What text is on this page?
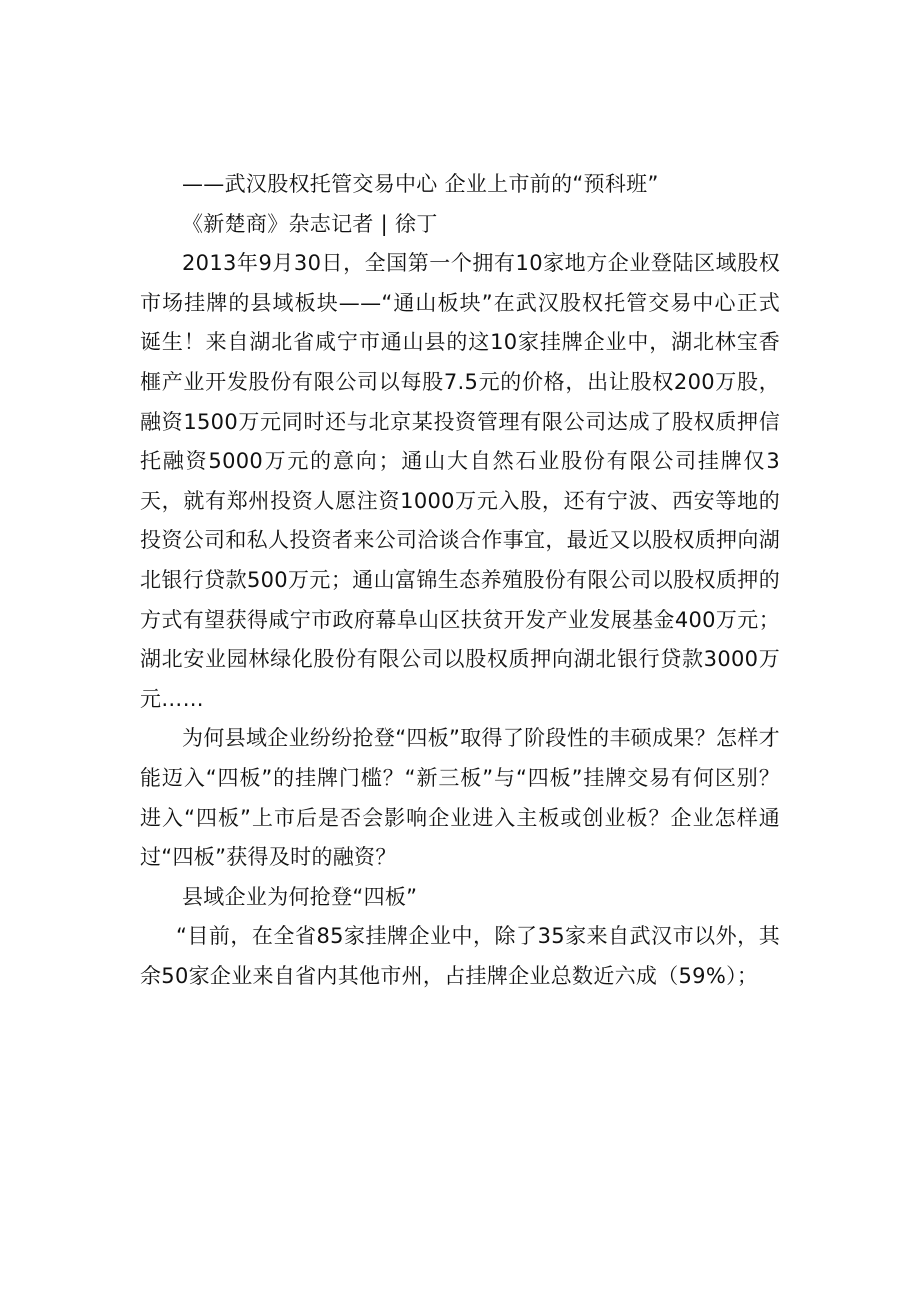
——武汉股权托管交易中心 企业上市前的“预科班”

《新楚商》杂志记者 | 徐丁

2013年9月30日，全国第一个拥有10家地方企业登陆区域股权市场挂牌的县域板块——“通山板块”在武汉股权托管交易中心正式诞生！来自湖北省咸宁市通山县的这10家挂牌企业中，湖北林宝香榧产业开发股份有限公司以每股7.5元的价格，出让股权200万股，融资1500万元同时还与北京某投资管理有限公司达成了股权质押信托融资5000万元的意向；通山大自然石业股份有限公司挂牌仅3天，就有郑州投资人愿注资1000万元入股，还有宁波、西安等地的投资公司和私人投资者来公司洽谈合作事宜，最近又以股权质押向湖北银行贷款500万元；通山富锦生态养殖股份有限公司以股权质押的方式有望获得咸宁市政府幕阜山区扶贫开发产业发展基金400万元；湖北安业园林绿化股份有限公司以股权质押向湖北银行贷款3000万元……

为何县域企业纷纷抢登“四板”取得了阶段性的丰硕成果？怎样才能迈入“四板”的挂牌门槛？“新三板”与“四板”挂牌交易有何区别？进入“四板”上市后是否会影响企业进入主板或创业板？企业怎样通过“四板”获得及时的融资？

县域企业为何抢登“四板”

“目前，在全省85家挂牌企业中，除了35家来自武汉市以外，其余50家企业来自省内其他市州，占挂牌企业总数近六成（59%）；
